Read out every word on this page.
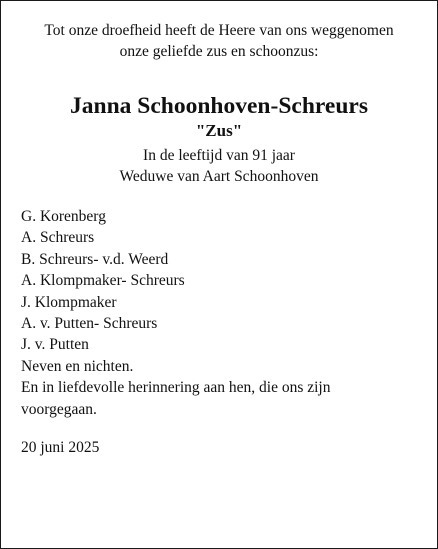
Tot onze droefheid heeft de Heere van ons weggenomen
onze geliefde zus en schoonzus:
Janna Schoonhoven-Schreurs
"Zus"
In de leeftijd van 91 jaar
Weduwe van Aart Schoonhoven
G. Korenberg
A. Schreurs
B. Schreurs- v.d. Weerd
A. Klompmaker- Schreurs
J. Klompmaker
A. v. Putten- Schreurs
J. v. Putten
Neven en nichten.
En in liefdevolle herinnering aan hen, die ons zijn
voorgegaan.
20 juni 2025
